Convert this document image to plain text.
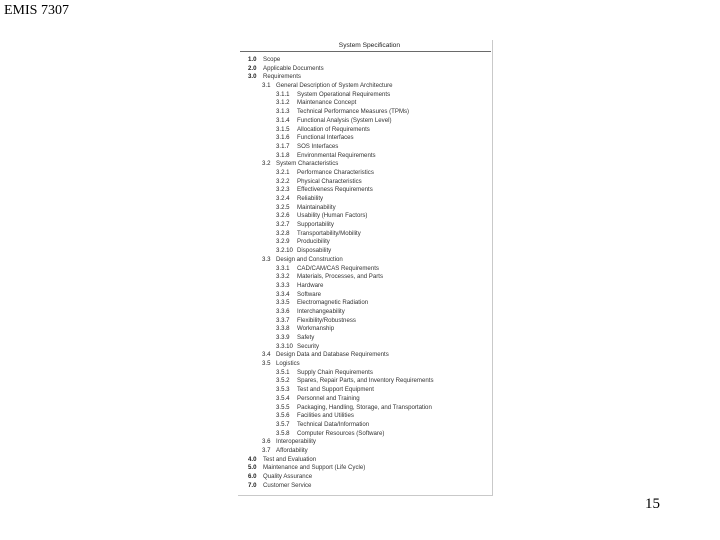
EMIS 7307
System Specification
1.0	Scope
2.0	Applicable Documents
3.0	Requirements
3.1 General Description of System Architecture
3.1.1	System Operational Requirements
3.1.2	Maintenance Concept
3.1.3	Technical Performance Measures (TPMs)
3.1.4	Functional Analysis (System Level)
3.1.5	Allocation of Requirements
3.1.6	Functional Interfaces
3.1.7	SOS Interfaces
3.1.8	Environmental Requirements
3.2 System Characteristics
3.2.1	Performance Characteristics
3.2.2	Physical Characteristics
3.2.3	Effectiveness Requirements
3.2.4	Reliability
3.2.5	Maintainability
3.2.6	Usability (Human Factors)
3.2.7	Supportability
3.2.8	Transportability/Mobility
3.2.9	Producibility
3.2.10 Disposability
3.3 Design and Construction
3.3.1	CAD/CAM/CAS Requirements
3.3.2	Materials, Processes, and Parts
3.3.3	Hardware
3.3.4	Software
3.3.5	Electromagnetic Radiation
3.3.6	Interchangeability
3.3.7	Flexibility/Robustness
3.3.8	Workmanship
3.3.9	Safety
3.3.10 Security
3.4 Design Data and Database Requirements
3.5 Logistics
3.5.1	Supply Chain Requirements
3.5.2	Spares, Repair Parts, and Inventory Requirements
3.5.3	Test and Support Equipment
3.5.4	Personnel and Training
3.5.5	Packaging, Handling, Storage, and Transportation
3.5.6	Facilities and Utilities
3.5.7	Technical Data/Information
3.5.8	Computer Resources (Software)
3.6 Interoperability
3.7 Affordability
4.0	Test and Evaluation
5.0	Maintenance and Support (Life Cycle)
6.0	Quality Assurance
7.0	Customer Service
15
